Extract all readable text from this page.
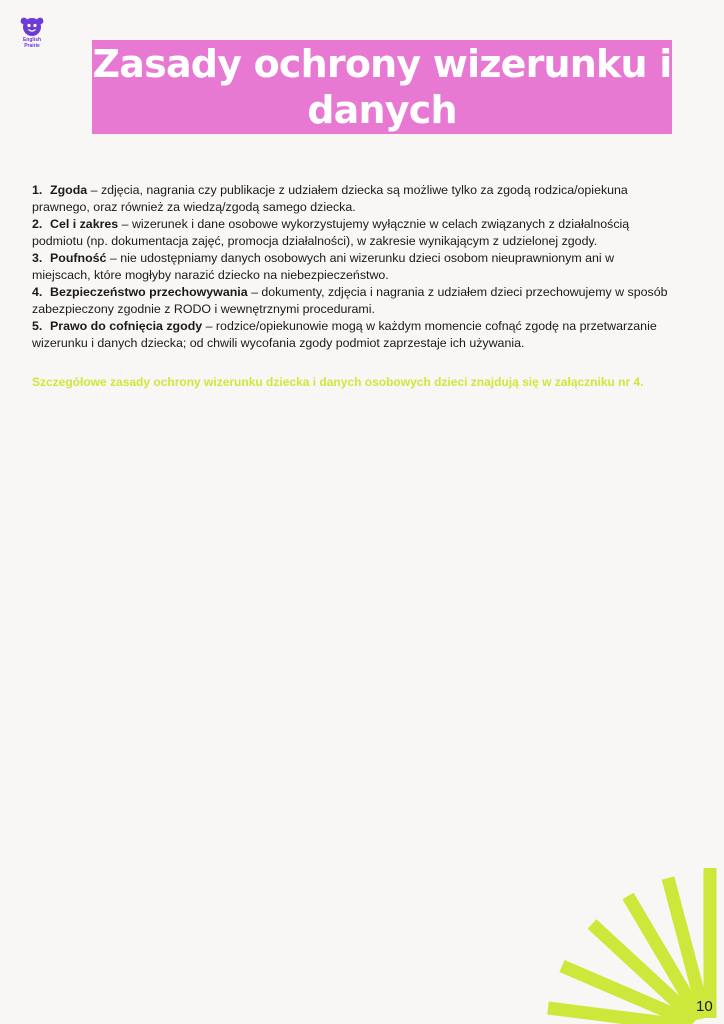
English
Prairie Zasady ochrony wizerunku i danych

1. Zgoda – zdjęcia, nagrania czy publikacje z udziałem dziecka są możliwe tylko za zgodą rodzica/opiekuna prawnego, oraz również za wiedzą/zgodą samego dziecka.

2. Cel i zakres – wizerunek i dane osobowe wykorzystujemy wyłącznie w celach związanych z działalnością podmiotu (np. dokumentacja zajęć, promocja działalności), w zakresie wynikającym z udzielonej zgody.

3. Poufność – nie udostępniamy danych osobowych ani wizerunku dzieci osobom nieuprawnionym ani w miejscach, które mogłyby narazić dziecko na niebezpieczeństwo.

4. Bezpieczeństwo przechowywania – dokumenty, zdjęcia i nagrania z udziałem dzieci przechowujemy w sposób zabezpieczony zgodnie z RODO i wewnętrznymi procedurami.

5. Prawo do cofnięcia zgody – rodzice/opiekunowie mogą w każdym momencie cofnąć zgodę na przetwarzanie wizerunku i danych dziecka; od chwili wycofania zgody podmiot zaprzestaje ich używania.

Szczegółowe zasady ochrony wizerunku dziecka i danych osobowych dzieci znajdują się w załączniku nr 4.

10
